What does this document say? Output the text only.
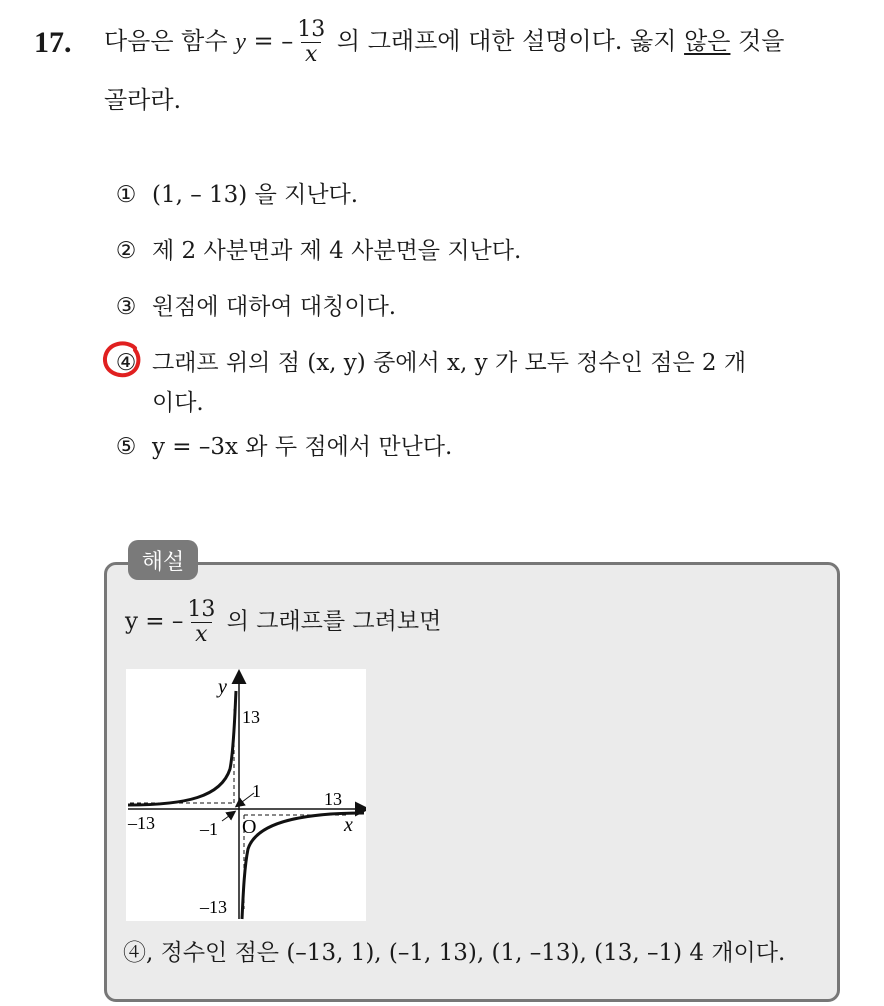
17. 다음은 함수 y = – $\frac{13}{x}$ 의 그래프에 대한 설명이다. 옳지 않은 것을
골라라.
① (1, – 13) 을 지난다.
② 제 2 사분면과 제 4 사분면을 지난다.
③ 원점에 대하여 대칭이다.
④ 그래프 위의 점 (x, y) 중에서 x, y 가 모두 정수인 점은 2 개
이다.
⑤ y = –3x 와 두 점에서 만난다.
해설
y = – $\frac{13}{x}$ 의 그래프를 그려보면
y
x
O
13
1	13
–13	–1
–13
④, 정수인 점은 (–13, 1), (–1, 13), (1, –13), (13, –1) 4 개이다.
